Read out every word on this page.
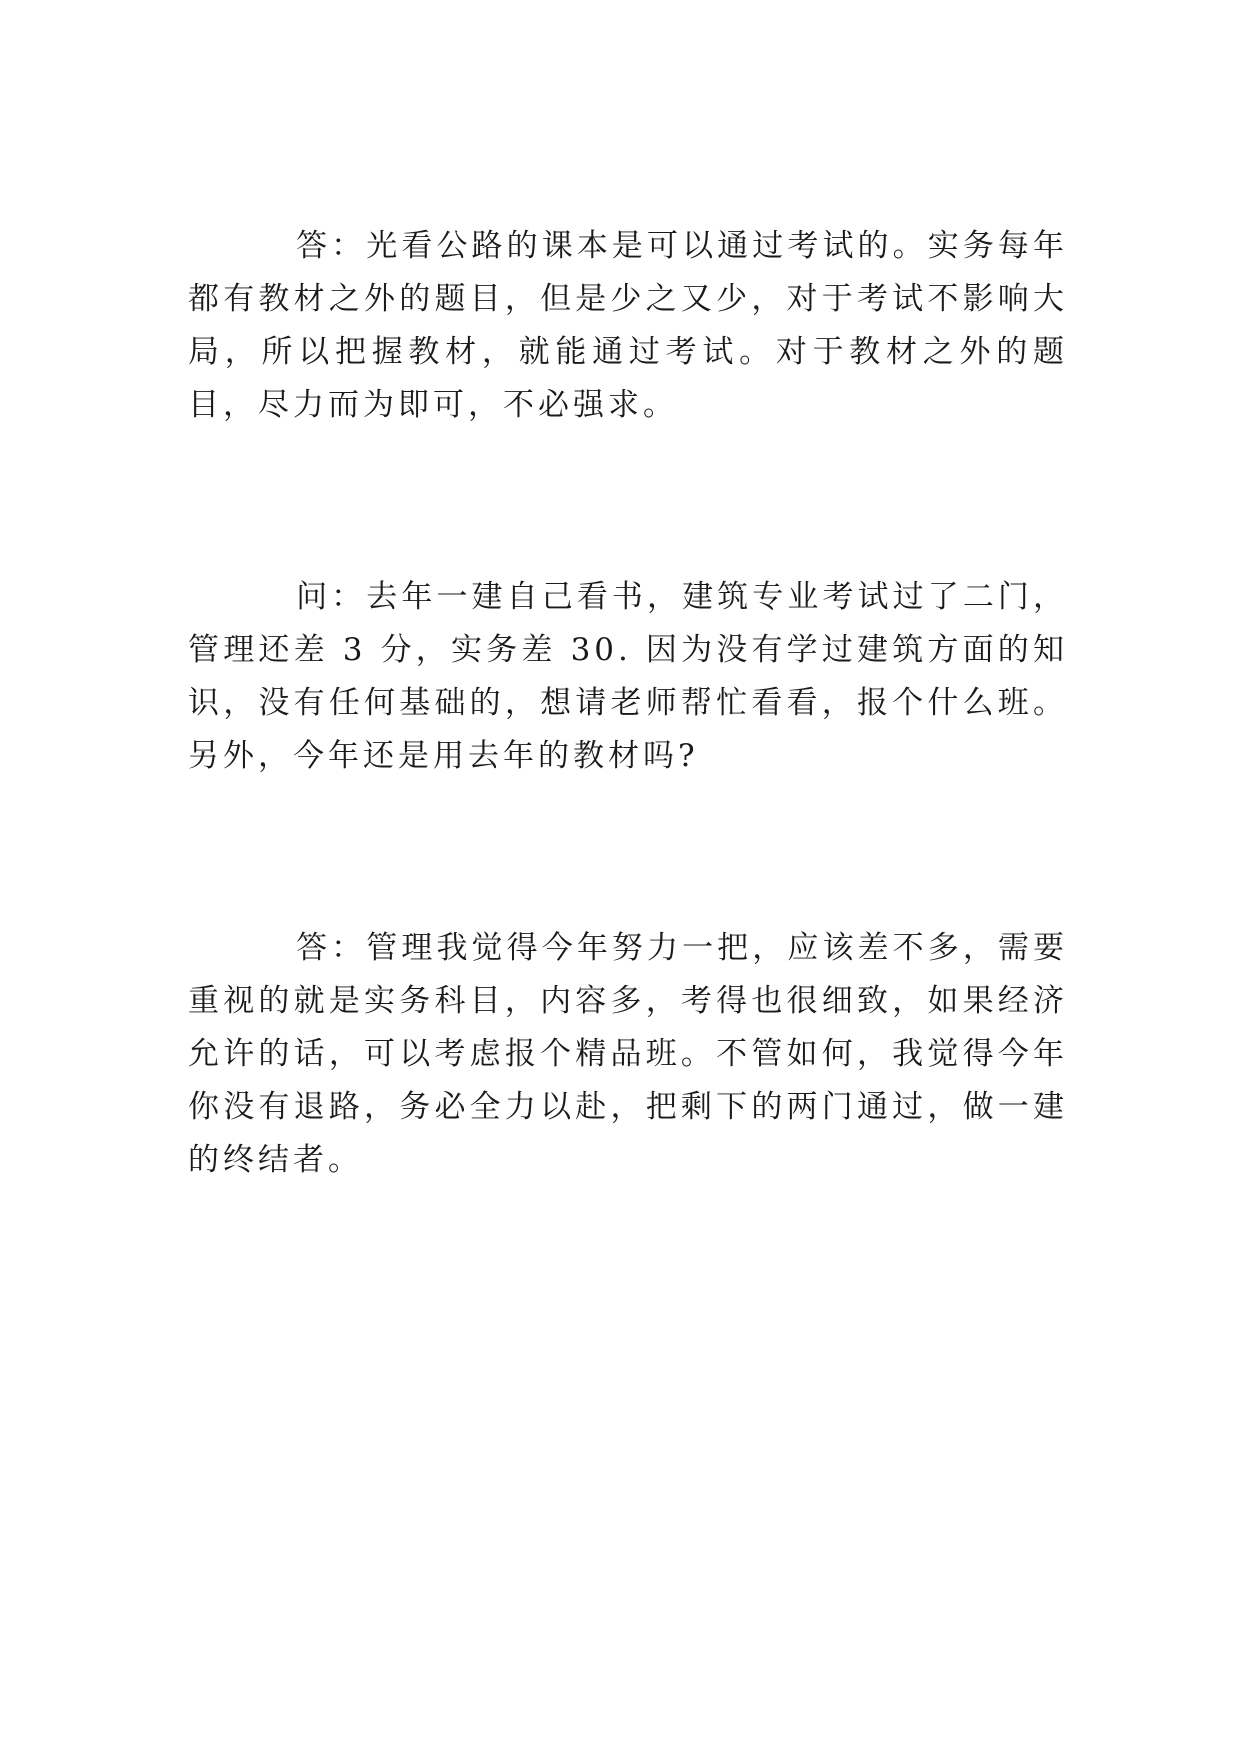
答：光看公路的课本是可以通过考试的。实务每年都有教材之外的题目，但是少之又少，对于考试不影响大局，所以把握教材，就能通过考试。对于教材之外的题目，尽力而为即可，不必强求。

问：去年一建自己看书，建筑专业考试过了二门，管理还差 3 分，实务差 30. 因为没有学过建筑方面的知识，没有任何基础的，想请老师帮忙看看，报个什么班。另外，今年还是用去年的教材吗?

答：管理我觉得今年努力一把，应该差不多，需要重视的就是实务科目，内容多，考得也很细致，如果经济允许的话，可以考虑报个精品班。不管如何，我觉得今年你没有退路，务必全力以赴，把剩下的两门通过，做一建的终结者。
